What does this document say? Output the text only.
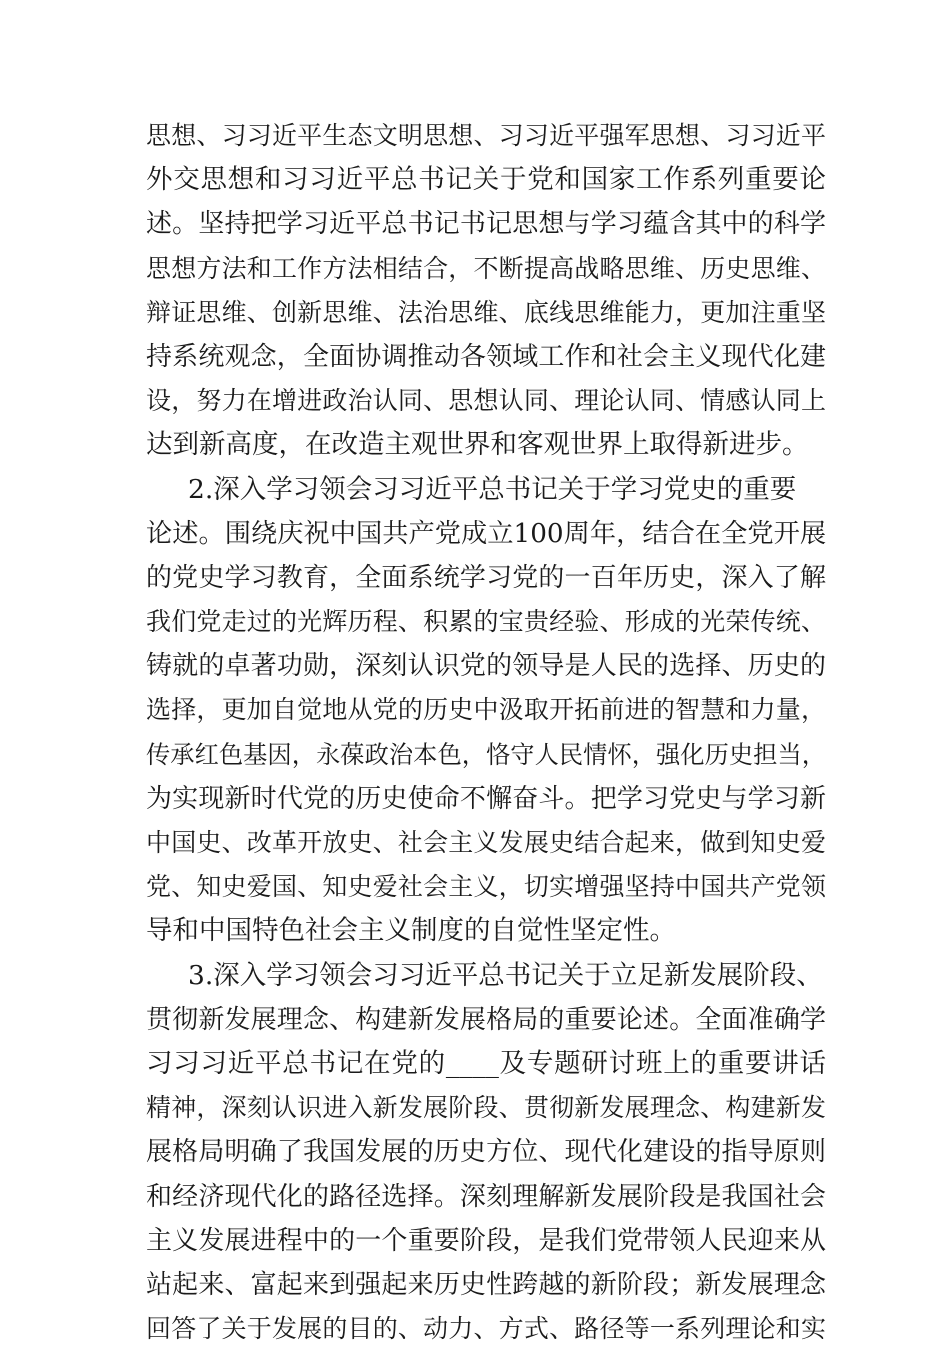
思想、习习近平生态文明思想、习习近平强军思想、习习近平
外交思想和习习近平总书记关于党和国家工作系列重要论
述。坚持把学习近平总书记书记思想与学习蕴含其中的科学
思想方法和工作方法相结合，不断提高战略思维、历史思维、
辩证思维、创新思维、法治思维、底线思维能力，更加注重坚
持系统观念，全面协调推动各领域工作和社会主义现代化建
设，努力在增进政治认同、思想认同、理论认同、情感认同上
达到新高度，在改造主观世界和客观世界上取得新进步。
2.深入学习领会习习近平总书记关于学习党史的重要
论述。围绕庆祝中国共产党成立100周年，结合在全党开展
的党史学习教育，全面系统学习党的一百年历史，深入了解
我们党走过的光辉历程、积累的宝贵经验、形成的光荣传统、
铸就的卓著功勋，深刻认识党的领导是人民的选择、历史的
选择，更加自觉地从党的历史中汲取开拓前进的智慧和力量，
传承红色基因，永葆政治本色，恪守人民情怀，强化历史担当，
为实现新时代党的历史使命不懈奋斗。把学习党史与学习新
中国史、改革开放史、社会主义发展史结合起来，做到知史爱
党、知史爱国、知史爱社会主义，切实增强坚持中国共产党领
导和中国特色社会主义制度的自觉性坚定性。
3.深入学习领会习习近平总书记关于立足新发展阶段、
贯彻新发展理念、构建新发展格局的重要论述。全面准确学
习习习近平总书记在党的____及专题研讨班上的重要讲话
精神，深刻认识进入新发展阶段、贯彻新发展理念、构建新发
展格局明确了我国发展的历史方位、现代化建设的指导原则
和经济现代化的路径选择。深刻理解新发展阶段是我国社会
主义发展进程中的一个重要阶段，是我们党带领人民迎来从
站起来、富起来到强起来历史性跨越的新阶段；新发展理念
回答了关于发展的目的、动力、方式、路径等一系列理论和实
